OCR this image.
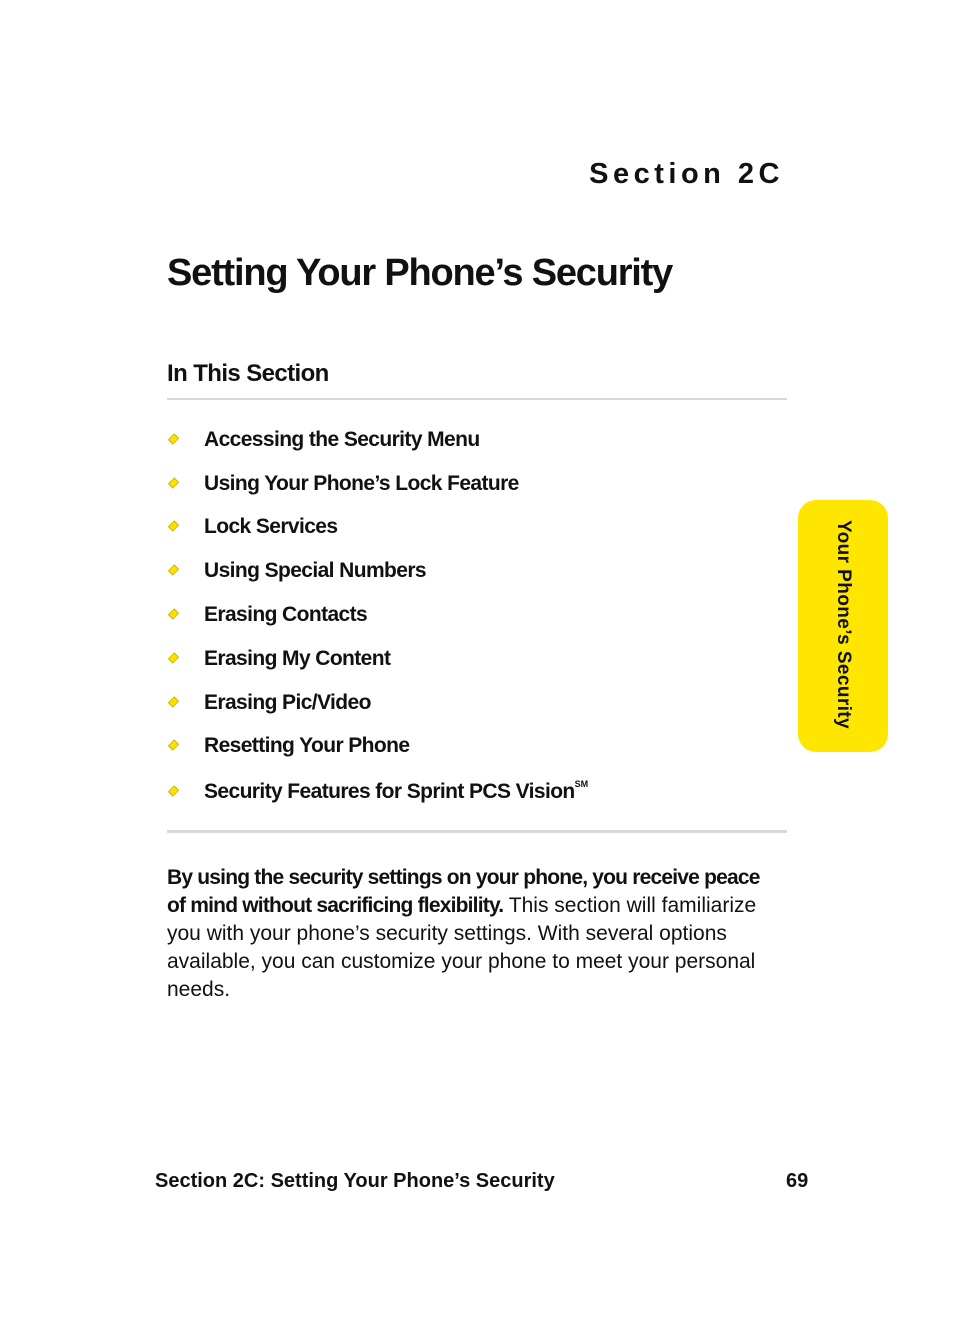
Section 2C
Setting Your Phone’s Security
In This Section
Accessing the Security Menu
Using Your Phone’s Lock Feature
Lock Services
Using Special Numbers
Erasing Contacts
Erasing My Content
Erasing Pic/Video
Resetting Your Phone
Security Features for Sprint PCS Vision℠

By using the security settings on your phone, you receive peace of mind without sacrificing flexibility. This section will familiarize you with your phone’s security settings. With several options available, you can customize your phone to meet your personal needs.

Your Phone’s Security
Section 2C: Setting Your Phone’s Security	69
